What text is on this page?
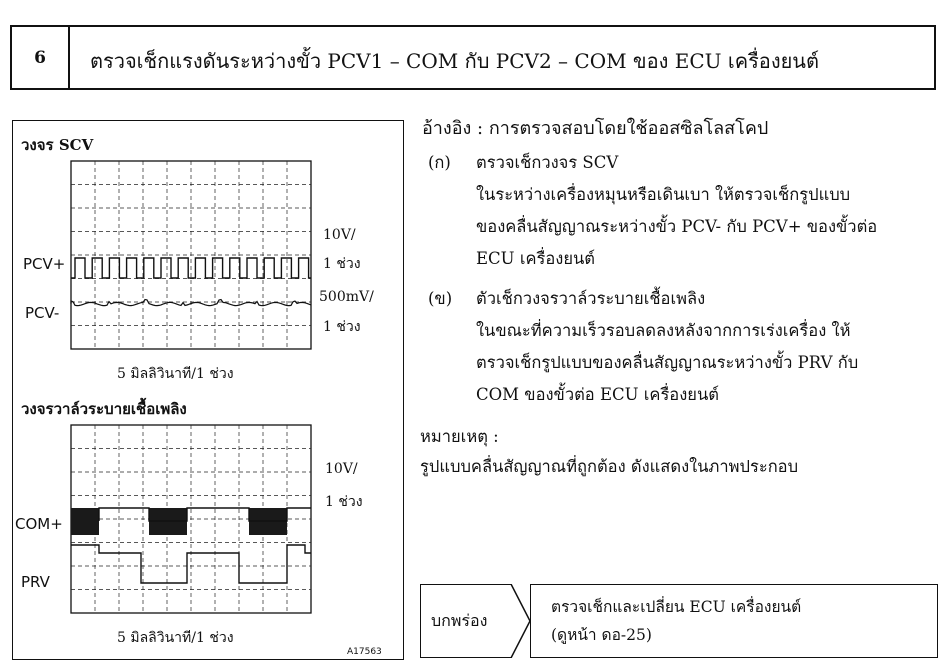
6	ตรวจเช็กแรงดันระหว่างขั้ว PCV1 – COM กับ PCV2 – COM ของ ECU เครื่องยนต์
วงจร SCV
10V/
1 ช่วง
500mV/
1 ช่วง
PCV+
PCV-
5 มิลลิวินาที/1 ช่วง
วงจรวาล์วระบายเชื้อเพลิง
10V/
1 ช่วง
COM+
PRV
5 มิลลิวินาที/1 ช่วง
A17563
อ้างอิง : การตรวจสอบโดยใช้ออสซิลโลสโคป
(ก) ตรวจเช็กวงจร SCV
ในระหว่างเครื่องหมุนหรือเดินเบา ให้ตรวจเช็กรูปแบบ
ของคลื่นสัญญาณระหว่างขั้ว PCV- กับ PCV+ ของขั้วต่อ
ECU เครื่องยนต์
(ข) ตัวเช็กวงจรวาล์วระบายเชื้อเพลิง
ในขณะที่ความเร็วรอบลดลงหลังจากการเร่งเครื่อง ให้
ตรวจเช็กรูปแบบของคลื่นสัญญาณระหว่างขั้ว PRV กับ
COM ของขั้วต่อ ECU เครื่องยนต์
หมายเหตุ :
รูปแบบคลื่นสัญญาณที่ถูกต้อง ดังแสดงในภาพประกอบ
บกพร่อง
ตรวจเช็กและเปลี่ยน ECU เครื่องยนต์
(ดูหน้า ดอ-25)
